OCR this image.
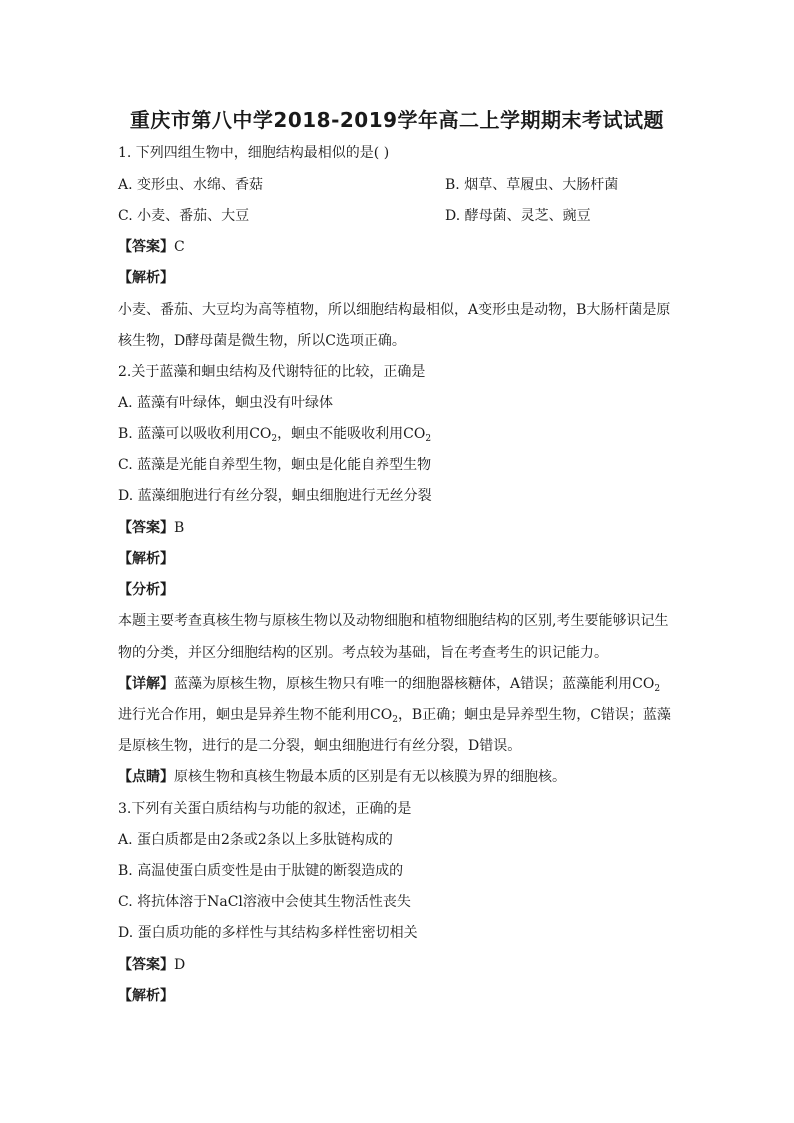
重庆市第八中学2018-2019学年高二上学期期末考试试题
1. 下列四组生物中，细胞结构最相似的是( )
A. 变形虫、水绵、香菇	B. 烟草、草履虫、大肠杆菌
C. 小麦、番茄、大豆	D. 酵母菌、灵芝、豌豆
【答案】C
【解析】
小麦、番茄、大豆均为高等植物，所以细胞结构最相似，A变形虫是动物，B大肠杆菌是原
核生物，D酵母菌是微生物，所以C选项正确。
2.关于蓝藻和蛔虫结构及代谢特征的比较，正确是
A. 蓝藻有叶绿体，蛔虫没有叶绿体
B. 蓝藻可以吸收利用$CO_2$，蛔虫不能吸收利用$CO_2$
C. 蓝藻是光能自养型生物，蛔虫是化能自养型生物
D. 蓝藻细胞进行有丝分裂，蛔虫细胞进行无丝分裂
【答案】B
【解析】
【分析】
本题主要考查真核生物与原核生物以及动物细胞和植物细胞结构的区别,考生要能够识记生
物的分类，并区分细胞结构的区别。考点较为基础，旨在考查考生的识记能力。
【详解】蓝藻为原核生物，原核生物只有唯一的细胞器核糖体，A错误；蓝藻能利用$CO_2$
进行光合作用，蛔虫是异养生物不能利用$CO_2$，B正确；蛔虫是异养型生物，C错误；蓝藻
是原核生物，进行的是二分裂，蛔虫细胞进行有丝分裂，D错误。
【点睛】原核生物和真核生物最本质的区别是有无以核膜为界的细胞核。
3.下列有关蛋白质结构与功能的叙述，正确的是
A. 蛋白质都是由2条或2条以上多肽链构成的
B. 高温使蛋白质变性是由于肽键的断裂造成的
C. 将抗体溶于NaCl溶液中会使其生物活性丧失
D. 蛋白质功能的多样性与其结构多样性密切相关
【答案】D
【解析】
